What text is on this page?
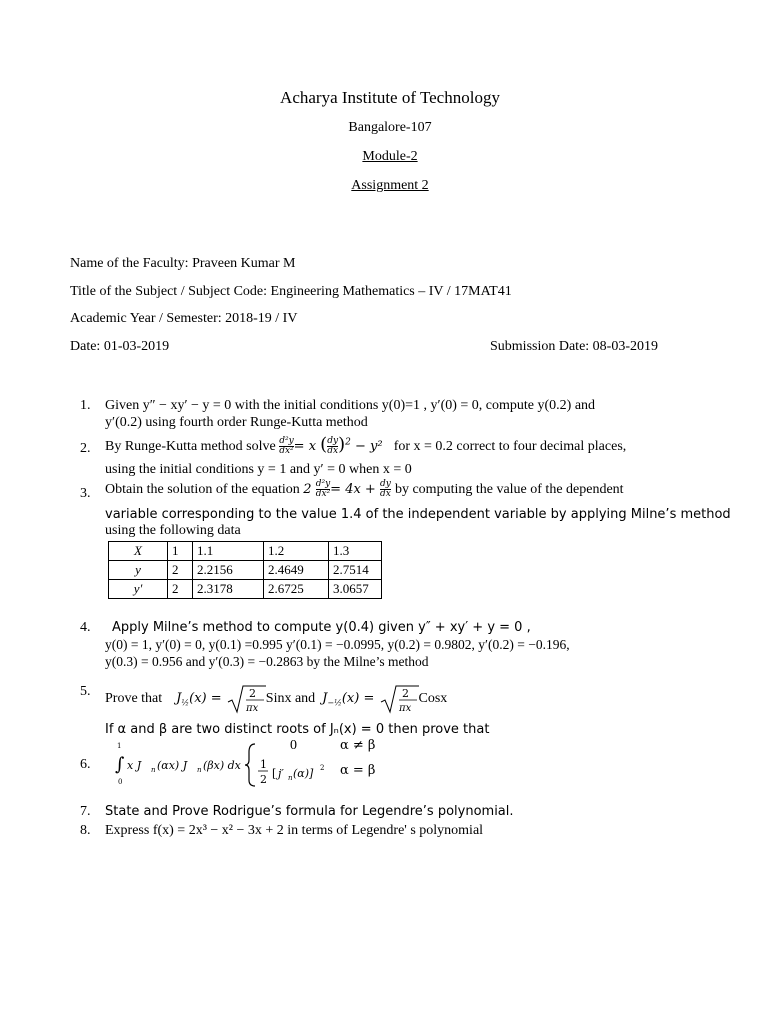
Acharya Institute of Technology
Bangalore-107
Module-2
Assignment 2
Name of the Faculty: Praveen Kumar M
Title of the Subject / Subject Code: Engineering Mathematics – IV / 17MAT41
Academic Year / Semester: 2018-19 / IV
Date: 01-03-2019	Submission Date: 08-03-2019
1. Given y″ − xy′ − y = 0 with the initial conditions y(0)=1 , y′(0) = 0, compute y(0.2) and
y′(0.2) using fourth order Runge-Kutta method
2. By Runge-Kutta method solve $\frac{\text{d²y}}{\text{dx²}} = x$ ( $\frac{dy}{dx} )^2 - y^2$   for x = 0.2 correct to four decimal places,
using the initial conditions y = 1 and y′ = 0 when x = 0
3. Obtain the solution of the equation $2 \frac{\text{d²y}}{\text{dx²}} = 4x + \frac{dy}{dx}$ by computing the value of the dependent
variable corresponding to the value 1.4 of the independent variable by applying Milne’s method
using the following data
X	1	1.1	1.2	1.3
y	2	2.2156	2.4649	2.7514
y′	2	2.3178	2.6725	3.0657
4. Apply Milne’s method to compute y(0.4) given y″ + xy′ + y = 0 ,
y(0) = 1, y′(0) = 0, y(0.1) =0.995 y′(0.1) = −0.0995, y(0.2) = 0.9802, y′(0.2) = −0.196,
y(0.3) = 0.956 and y′(0.3) = −0.2863 by the Milne’s method
5. Prove that $J_{\frac{1}{2}}(x) = 2$
πx
Sinx and $J_{-\frac{1}{2}}(x) = 2$
πx
Cosx
If α and β are two distinct roots of Jₙ(x) = 0 then prove that
6.
1
∫
0
x J n (αx) J n (βx) dx
0	α ≠ β
1
2 [ j′ n (α)] 2 α = β
7. State and Prove Rodrigue’s formula for Legendre’s polynomial.
8. Express f(x) = 2x³ − x² − 3x + 2 in terms of Legendre' s polynomial
